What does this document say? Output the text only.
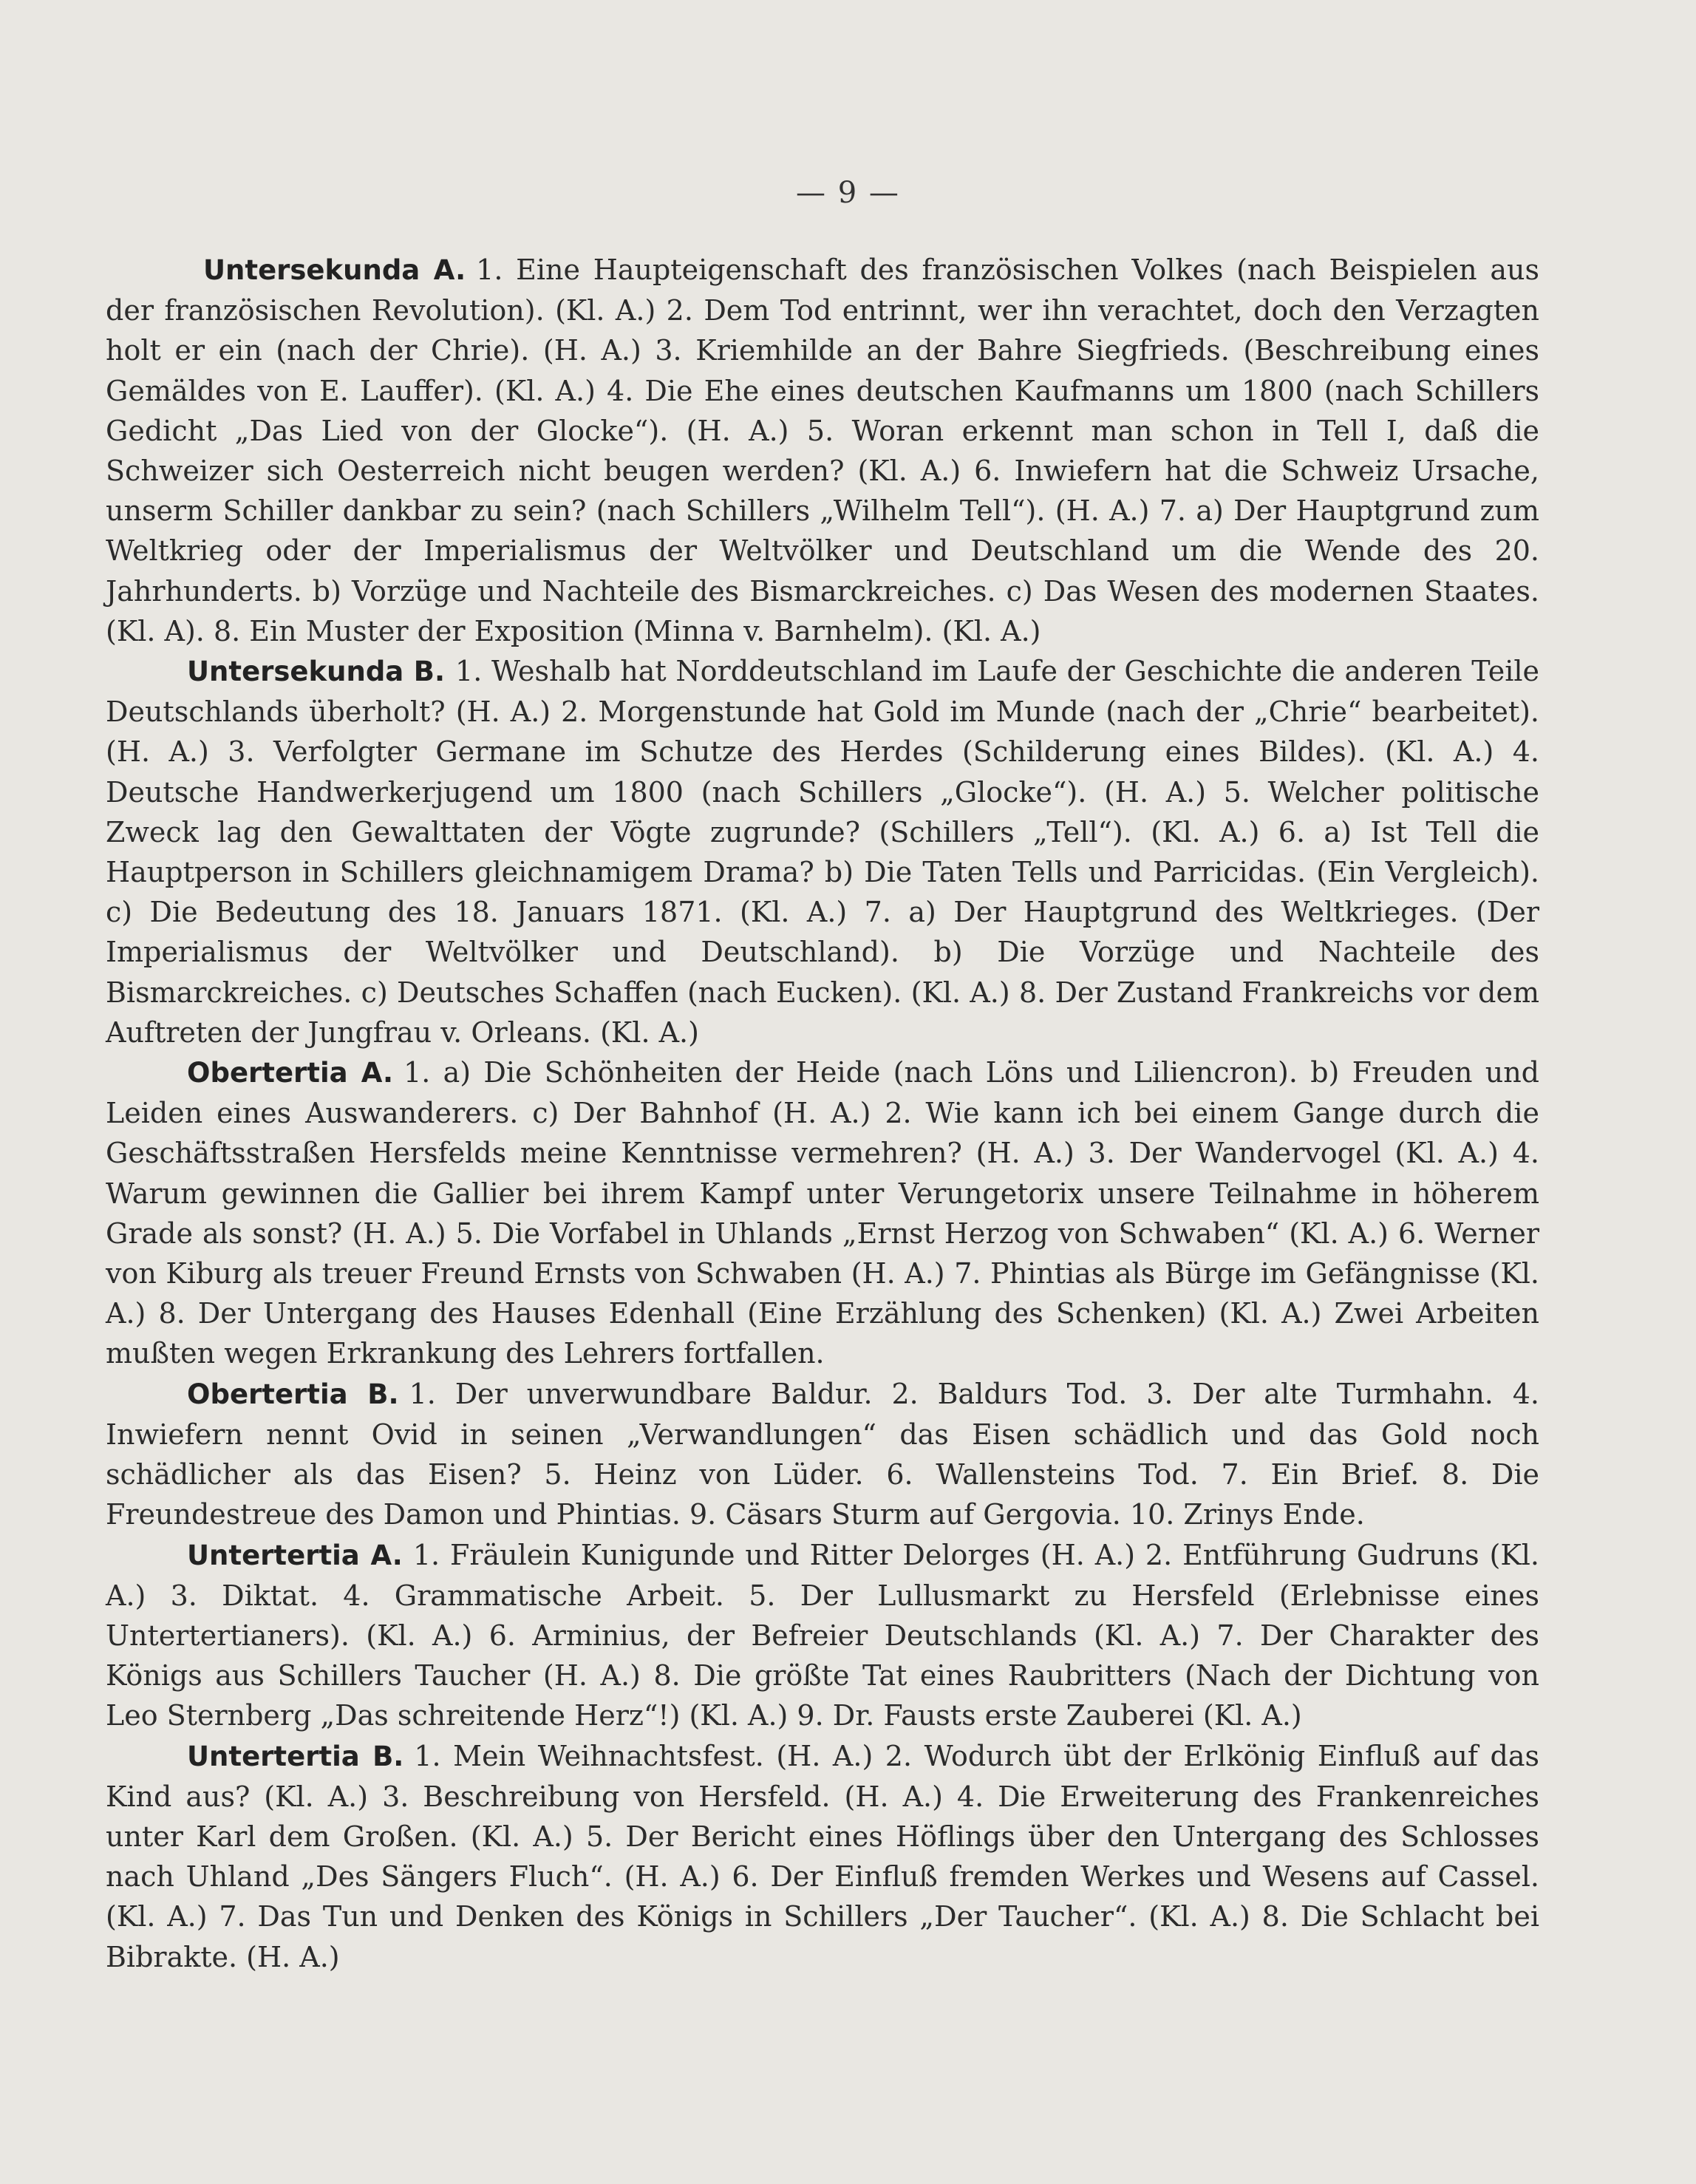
— 9 —

Untersekunda A. 1. Eine Haupteigenschaft des französischen Volkes (nach Beispielen aus der französischen Revolution). (Kl. A.) 2. Dem Tod entrinnt, wer ihn verachtet, doch den Verzagten holt er ein (nach der Chrie). (H. A.) 3. Kriemhilde an der Bahre Siegfrieds. (Beschreibung eines Gemäldes von E. Lauffer). (Kl. A.) 4. Die Ehe eines deutschen Kaufmanns um 1800 (nach Schillers Gedicht „Das Lied von der Glocke“). (H. A.) 5. Woran erkennt man schon in Tell I, daß die Schweizer sich Oesterreich nicht beugen werden? (Kl. A.) 6. Inwiefern hat die Schweiz Ursache, unserm Schiller dankbar zu sein? (nach Schillers „Wilhelm Tell“). (H. A.) 7. a) Der Hauptgrund zum Weltkrieg oder der Imperialismus der Weltvölker und Deutschland um die Wende des 20. Jahrhunderts. b) Vorzüge und Nachteile des Bismarckreiches. c) Das Wesen des modernen Staates. (Kl. A). 8. Ein Muster der Exposition (Minna v. Barnhelm). (Kl. A.)

Untersekunda B. 1. Weshalb hat Norddeutschland im Laufe der Geschichte die anderen Teile Deutschlands überholt? (H. A.) 2. Morgenstunde hat Gold im Munde (nach der „Chrie“ bearbeitet). (H. A.) 3. Verfolgter Germane im Schutze des Herdes (Schilderung eines Bildes). (Kl. A.) 4. Deutsche Handwerkerjugend um 1800 (nach Schillers „Glocke“). (H. A.) 5. Welcher politische Zweck lag den Gewalttaten der Vögte zugrunde? (Schillers „Tell“). (Kl. A.) 6. a) Ist Tell die Hauptperson in Schillers gleichnamigem Drama? b) Die Taten Tells und Parricidas. (Ein Vergleich). c) Die Bedeutung des 18. Januars 1871. (Kl. A.) 7. a) Der Hauptgrund des Weltkrieges. (Der Imperialismus der Weltvölker und Deutschland). b) Die Vorzüge und Nachteile des Bismarckreiches. c) Deutsches Schaffen (nach Eucken). (Kl. A.) 8. Der Zustand Frankreichs vor dem Auftreten der Jungfrau v. Orleans. (Kl. A.)

Obertertia A. 1. a) Die Schönheiten der Heide (nach Löns und Liliencron). b) Freuden und Leiden eines Auswanderers. c) Der Bahnhof (H. A.) 2. Wie kann ich bei einem Gange durch die Geschäftsstraßen Hersfelds meine Kenntnisse vermehren? (H. A.) 3. Der Wandervogel (Kl. A.) 4. Warum gewinnen die Gallier bei ihrem Kampf unter Verungetorix unsere Teilnahme in höherem Grade als sonst? (H. A.) 5. Die Vorfabel in Uhlands „Ernst Herzog von Schwaben“ (Kl. A.) 6. Werner von Kiburg als treuer Freund Ernsts von Schwaben (H. A.) 7. Phintias als Bürge im Gefängnisse (Kl. A.) 8. Der Untergang des Hauses Edenhall (Eine Erzählung des Schenken) (Kl. A.) Zwei Arbeiten mußten wegen Erkrankung des Lehrers fortfallen.

Obertertia B. 1. Der unverwundbare Baldur. 2. Baldurs Tod. 3. Der alte Turmhahn. 4. Inwiefern nennt Ovid in seinen „Verwandlungen“ das Eisen schädlich und das Gold noch schädlicher als das Eisen? 5. Heinz von Lüder. 6. Wallensteins Tod. 7. Ein Brief. 8. Die Freundestreue des Damon und Phintias. 9. Cäsars Sturm auf Gergovia. 10. Zrinys Ende.

Untertertia A. 1. Fräulein Kunigunde und Ritter Delorges (H. A.) 2. Entführung Gudruns (Kl. A.) 3. Diktat. 4. Grammatische Arbeit. 5. Der Lullusmarkt zu Hersfeld (Erlebnisse eines Untertertianers). (Kl. A.) 6. Arminius, der Befreier Deutschlands (Kl. A.) 7. Der Charakter des Königs aus Schillers Taucher (H. A.) 8. Die größte Tat eines Raubritters (Nach der Dichtung von Leo Sternberg „Das schreitende Herz“!) (Kl. A.) 9. Dr. Fausts erste Zauberei (Kl. A.)

Untertertia B. 1. Mein Weihnachtsfest. (H. A.) 2. Wodurch übt der Erlkönig Einfluß auf das Kind aus? (Kl. A.) 3. Beschreibung von Hersfeld. (H. A.) 4. Die Erweiterung des Frankenreiches unter Karl dem Großen. (Kl. A.) 5. Der Bericht eines Höflings über den Untergang des Schlosses nach Uhland „Des Sängers Fluch“. (H. A.) 6. Der Einfluß fremden Werkes und Wesens auf Cassel. (Kl. A.) 7. Das Tun und Denken des Königs in Schillers „Der Taucher“. (Kl. A.) 8. Die Schlacht bei Bibrakte. (H. A.)
